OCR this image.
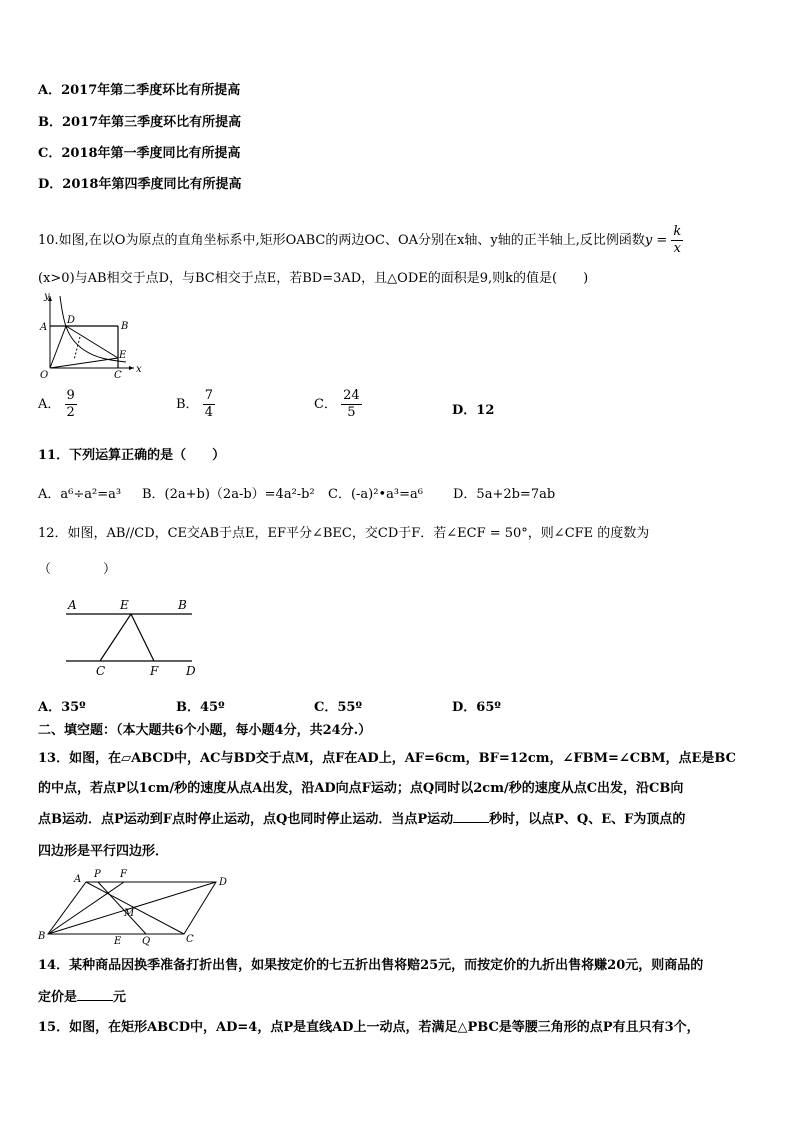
A．2017年第二季度环比有所提高
B．2017年第三季度环比有所提高
C．2018年第一季度同比有所提高
D．2018年第四季度同比有所提高
10.如图,在以O为原点的直角坐标系中,矩形OABC的两边OC、OA分别在x轴、y轴的正半轴上,反比例函数$y = \frac{k}{x}$
(x>0)与AB相交于点D，与BC相交于点E，若BD=3AD，且△ODE的面积是9,则k的值是(　　)
y
x
A	B
C
D
E
O
A． $\frac{9}{2}$	B． $\frac{7}{4}$	C． $\frac{24}{5}$	D．12
11．下列运算正确的是（　　）
A．a⁶÷a²=a³ B．(2a+b)（2a-b）=4a²-b² C．(-a)²•a³=a⁶ D．5a+2b=7ab
12．如图，AB//CD，CE交AB于点E，EF平分∠BEC，交CD于F．若∠ECF = 50°，则∠CFE 的度数为
（　　　　）
A	E	B
C	F D
A．35º	B．45º	C．55º	D．65º
二、填空题：（本大题共6个小题，每小题4分，共24分.）
13．如图，在▱ABCD中，AC与BD交于点M，点F在AD上，AF=6cm，BF=12cm，∠FBM=∠CBM，点E是BC
的中点，若点P以1cm/秒的速度从点A出发，沿AD向点F运动；点Q同时以2cm/秒的速度从点C出发，沿CB向
点B运动．点P运动到F点时停止运动，点Q也同时停止运动．当点P运动	秒时，以点P、Q、E、F为顶点的
四边形是平行四边形．
A P F
D
M
B	E Q	C
14．某种商品因换季准备打折出售，如果按定价的七五折出售将赔25元，而按定价的九折出售将赚20元，则商品的
定价是	元
15．如图，在矩形ABCD中，AD=4，点P是直线AD上一动点，若满足△PBC是等腰三角形的点P有且只有3个，
